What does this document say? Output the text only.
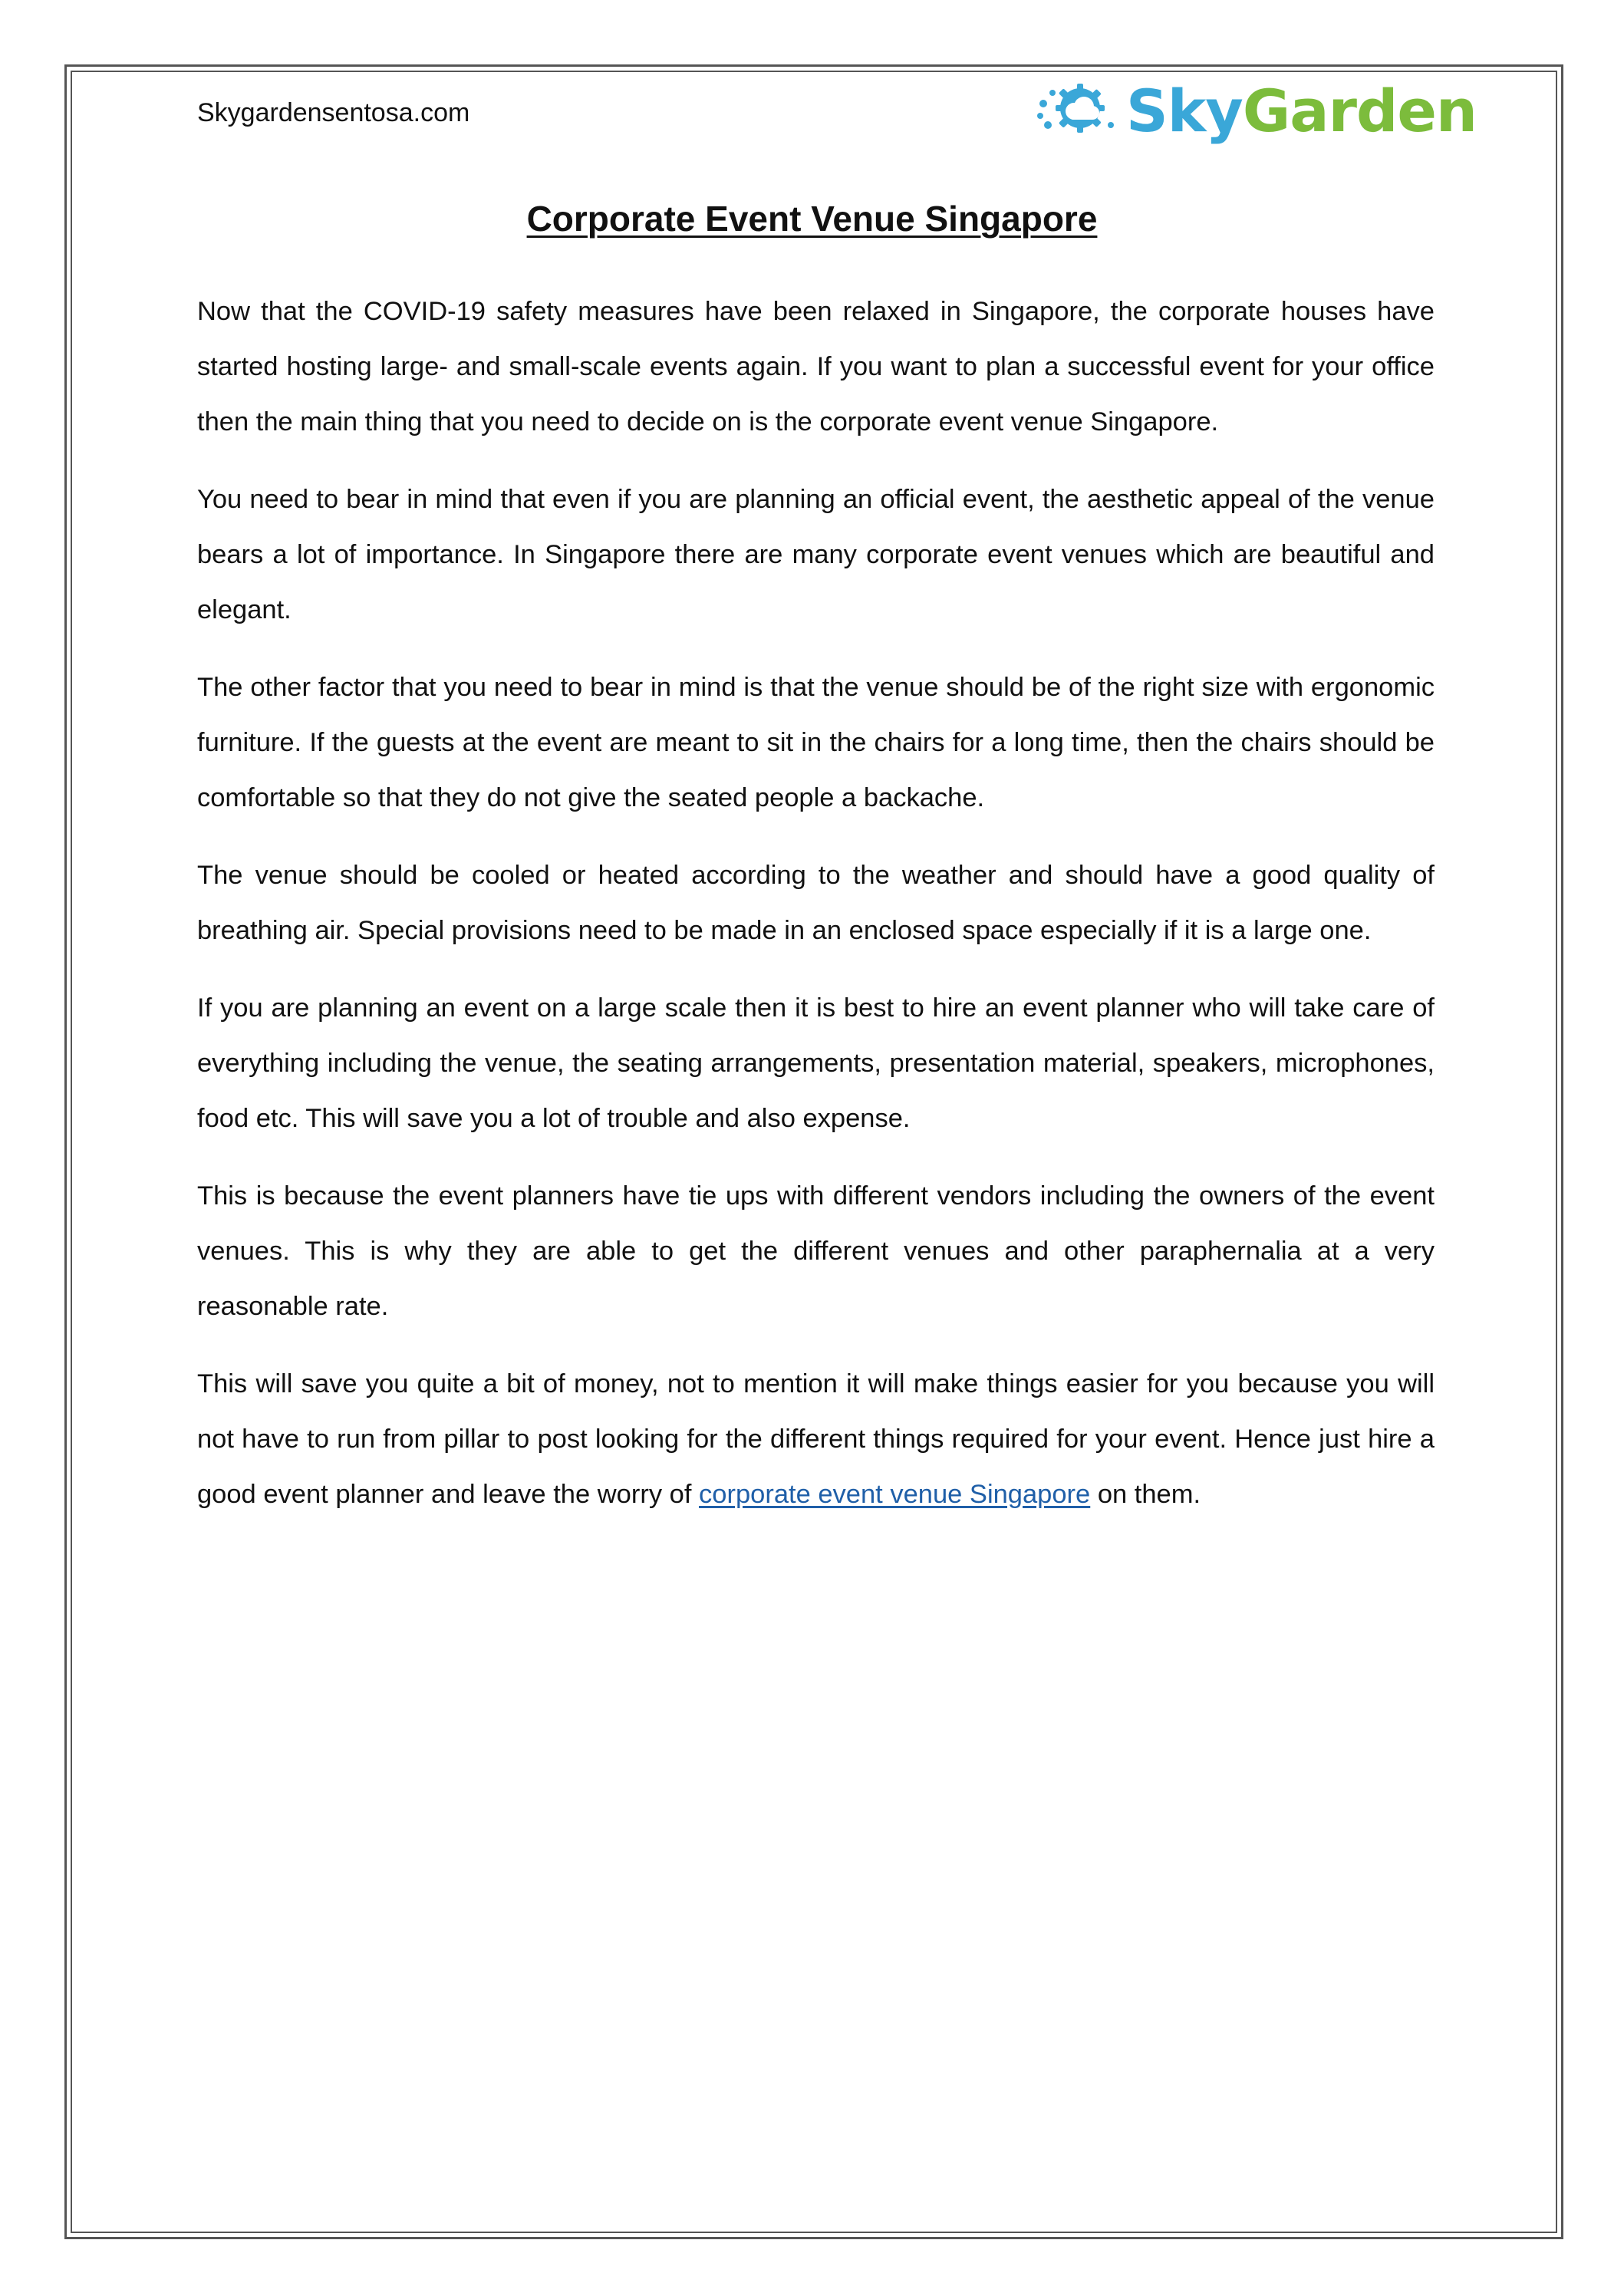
Skygardensentosa.com	SkyGarden
Corporate Event Venue Singapore

Now that the COVID-19 safety measures have been relaxed in Singapore, the corporate houses have started hosting large- and small-scale events again. If you want to plan a successful event for your office then the main thing that you need to decide on is the corporate event venue Singapore.

You need to bear in mind that even if you are planning an official event, the aesthetic appeal of the venue bears a lot of importance. In Singapore there are many corporate event venues which are beautiful and elegant.

The other factor that you need to bear in mind is that the venue should be of the right size with ergonomic furniture. If the guests at the event are meant to sit in the chairs for a long time, then the chairs should be comfortable so that they do not give the seated people a backache.

The venue should be cooled or heated according to the weather and should have a good quality of breathing air. Special provisions need to be made in an enclosed space especially if it is a large one.

If you are planning an event on a large scale then it is best to hire an event planner who will take care of everything including the venue, the seating arrangements, presentation material, speakers, microphones, food etc. This will save you a lot of trouble and also expense.

This is because the event planners have tie ups with different vendors including the owners of the event venues. This is why they are able to get the different venues and other paraphernalia at a very reasonable rate.

This will save you quite a bit of money, not to mention it will make things easier for you because you will not have to run from pillar to post looking for the different things required for your event. Hence just hire a good event planner and leave the worry of corporate event venue Singapore on them.
